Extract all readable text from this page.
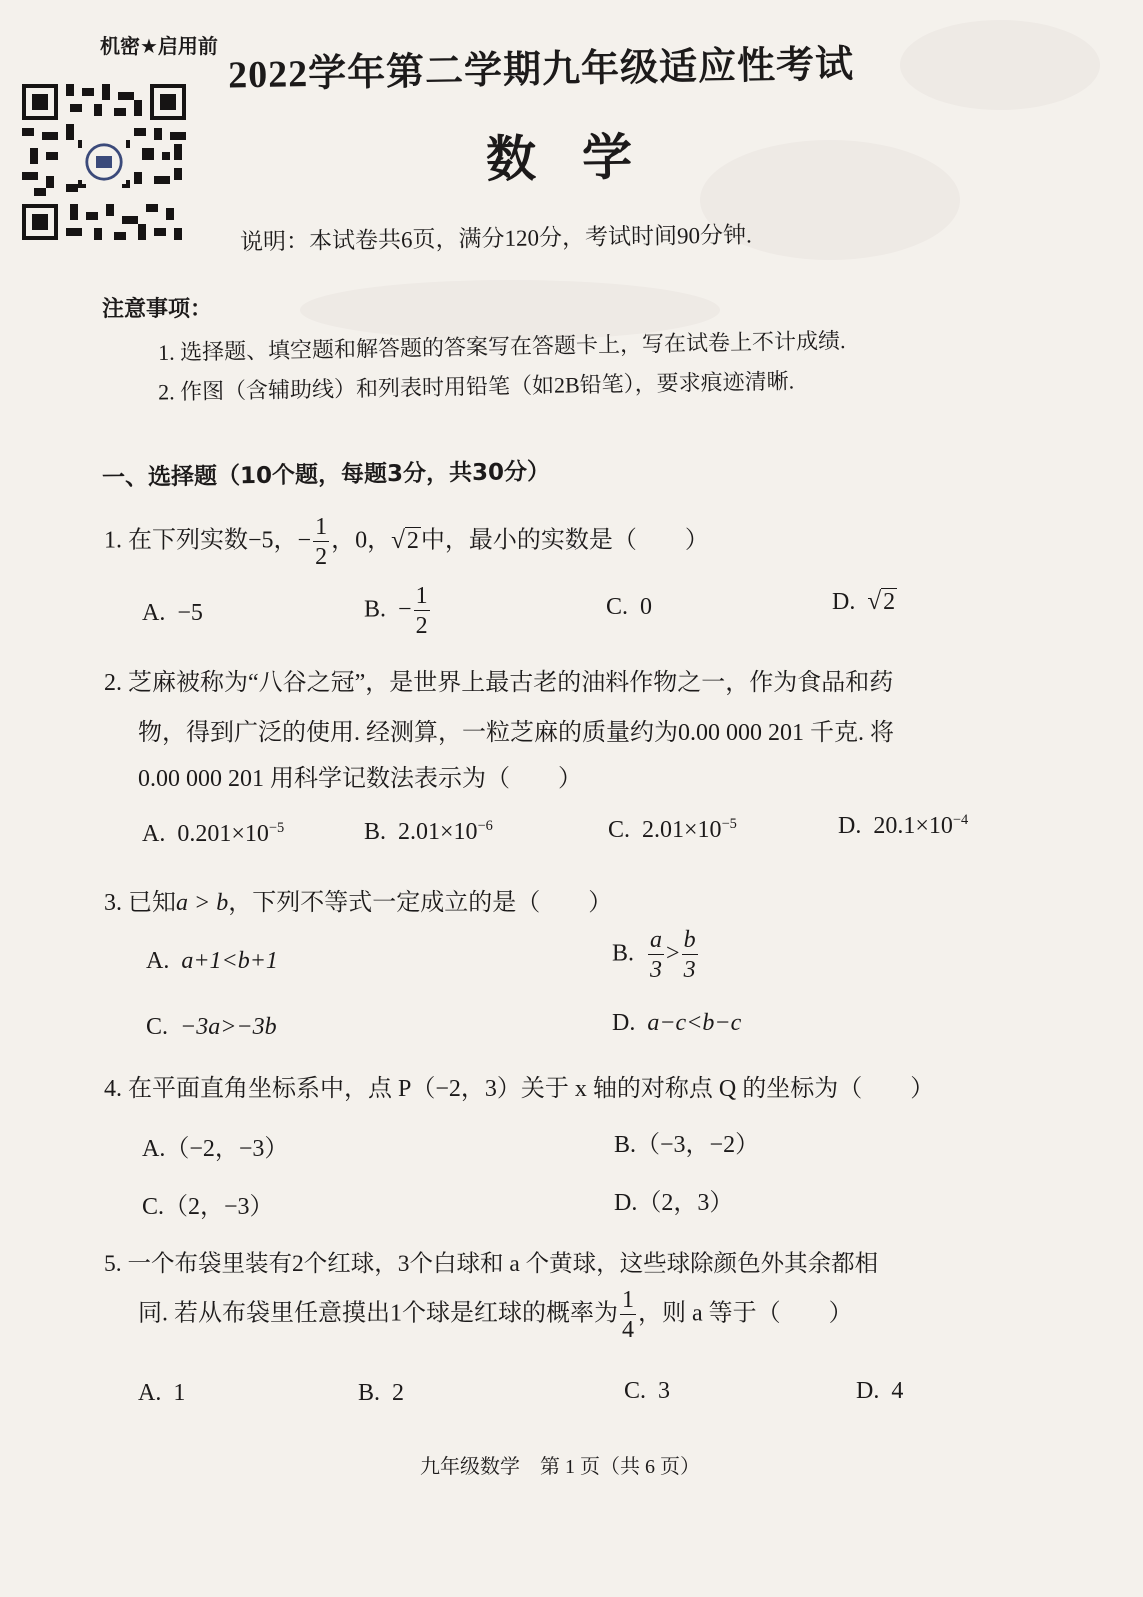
机密★启用前 2022学年第二学期九年级适应性考试
数学
说明：本试卷共6页，满分120分，考试时间90分钟.
注意事项：
1. 选择题、填空题和解答题的答案写在答题卡上，写在试卷上不计成绩.
2. 作图（含辅助线）和列表时用铅笔（如2B铅笔），要求痕迹清晰.
一、选择题（10个题，每题3分，共30分）
1. 在下列实数−5，− $\frac{1}{2}$ ，0， √ 2 中，最小的实数是（　　）
A. −5	B. − $\frac{1}{2}$	C. 0	D. √ 2
2. 芝麻被称为“八谷之冠”，是世界上最古老的油料作物之一，作为食品和药
物，得到广泛的使用. 经测算，一粒芝麻的质量约为0.00 000 201 千克. 将
0.00 000 201 用科学记数法表示为（　　）
A. $0.201\times 10^{-5}$	B. $2.01\times 10^{-6}$	C. $2.01\times 10^{-5}$	D. $20.1\times 10^{-4}$
3. 已知a > b，下列不等式一定成立的是（　　）
A. a+1<b+1	B. $\frac{a}{3} > \frac{b}{3}$
C. −3a>−3b	D. a−c<b−c
4. 在平面直角坐标系中，点 P（−2，3）关于 x 轴的对称点 Q 的坐标为（　　）
A.（−2，−3）	B.（−3，−2）
C.（2，−3）	D.（2，3）
5. 一个布袋里装有2个红球，3个白球和 a 个黄球，这些球除颜色外其余都相
同. 若从布袋里任意摸出1个球是红球的概率为 $\frac{1}{4}$ ，则 a 等于（　　）
A. 1	B. 2	C. 3	D. 4
九年级数学　第 1 页（共 6 页）
